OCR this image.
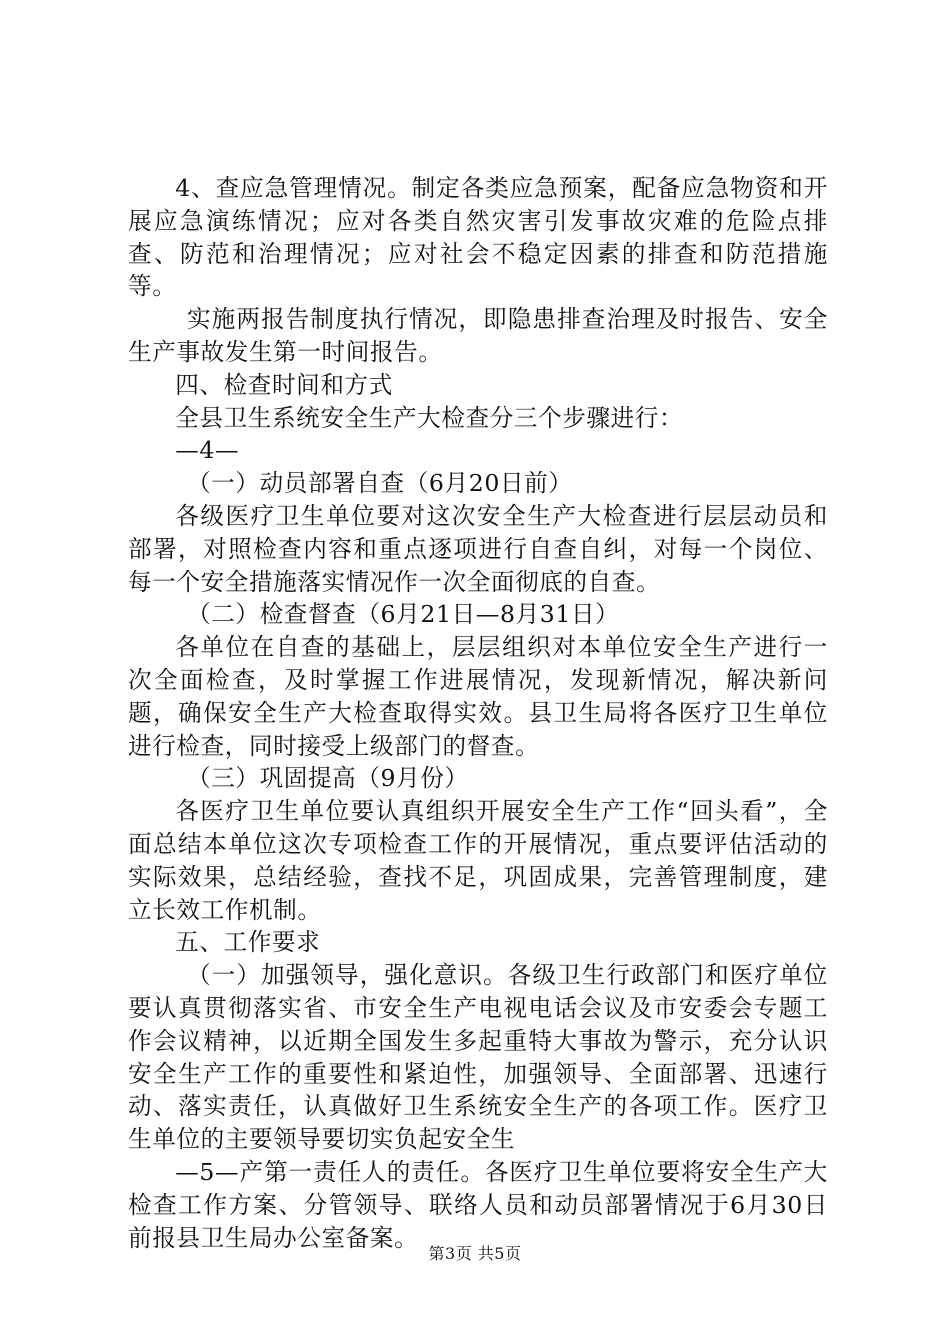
4、查应急管理情况。制定各类应急预案，配备应急物资和开展应急演练情况；应对各类自然灾害引发事故灾难的危险点排查、防范和治理情况；应对社会不稳定因素的排查和防范措施等。

实施两报告制度执行情况，即隐患排查治理及时报告、安全生产事故发生第一时间报告。

四、检查时间和方式

全县卫生系统安全生产大检查分三个步骤进行：

—4—

（一）动员部署自查（6月20日前）

各级医疗卫生单位要对这次安全生产大检查进行层层动员和部署，对照检查内容和重点逐项进行自查自纠，对每一个岗位、每一个安全措施落实情况作一次全面彻底的自查。

（二）检查督查（6月21日—8月31日）

各单位在自查的基础上，层层组织对本单位安全生产进行一次全面检查，及时掌握工作进展情况，发现新情况，解决新问题，确保安全生产大检查取得实效。县卫生局将各医疗卫生单位进行检查，同时接受上级部门的督查。

（三）巩固提高（9月份）

各医疗卫生单位要认真组织开展安全生产工作“回头看”，全面总结本单位这次专项检查工作的开展情况，重点要评估活动的实际效果，总结经验，查找不足，巩固成果，完善管理制度，建立长效工作机制。

五、工作要求

（一）加强领导，强化意识。各级卫生行政部门和医疗单位要认真贯彻落实省、市安全生产电视电话会议及市安委会专题工作会议精神，以近期全国发生多起重特大事故为警示，充分认识安全生产工作的重要性和紧迫性，加强领导、全面部署、迅速行动、落实责任，认真做好卫生系统安全生产的各项工作。医疗卫生单位的主要领导要切实负起安全生

—5—产第一责任人的责任。各医疗卫生单位要将安全生产大检查工作方案、分管领导、联络人员和动员部署情况于6月30日前报县卫生局办公室备案。

第3页 共5页
